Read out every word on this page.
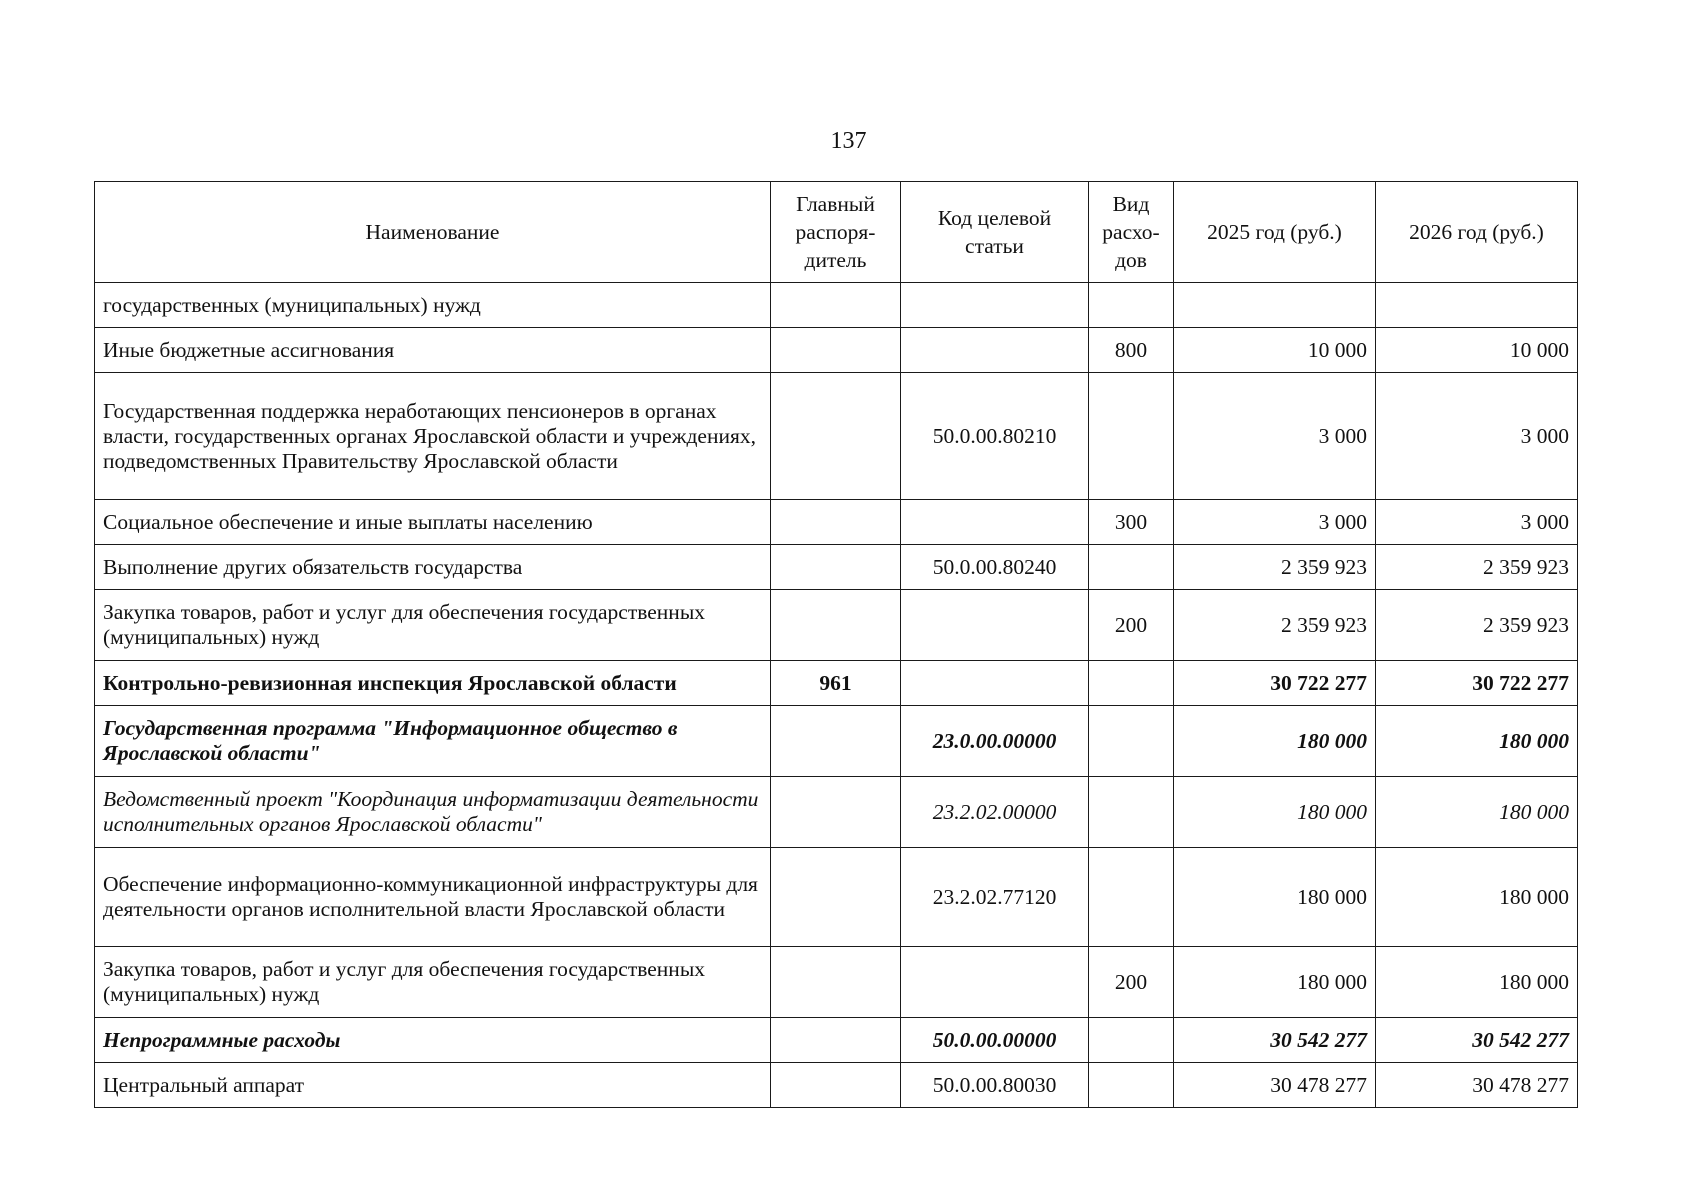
137
Наименование	Главный распоря-дитель	Код целевой статьи	Вид расхо-дов	2025 год (руб.)	2026 год (руб.)
государственных (муниципальных) нужд					
Иные бюджетные ассигнования			800	10 000	10 000
Государственная поддержка неработающих пенсионеров в органах власти, государственных органах Ярославской области и учреждениях, подведомственных Правительству Ярославской области		50.0.00.80210		3 000	3 000
Социальное обеспечение и иные выплаты населению			300	3 000	3 000
Выполнение других обязательств государства		50.0.00.80240		2 359 923	2 359 923
Закупка товаров, работ и услуг для обеспечения государственных (муниципальных) нужд			200	2 359 923	2 359 923
Контрольно-ревизионная инспекция Ярославской области	961			30 722 277	30 722 277
Государственная программа "Информационное общество в Ярославской области"		23.0.00.00000		180 000	180 000
Ведомственный проект "Координация информатизации деятельности исполнительных органов Ярославской области"		23.2.02.00000		180 000	180 000
Обеспечение информационно-коммуникационной инфраструктуры для деятельности органов исполнительной власти Ярославской области		23.2.02.77120		180 000	180 000
Закупка товаров, работ и услуг для обеспечения государственных (муниципальных) нужд			200	180 000	180 000
Непрограммные расходы		50.0.00.00000		30 542 277	30 542 277
Центральный аппарат		50.0.00.80030		30 478 277	30 478 277
